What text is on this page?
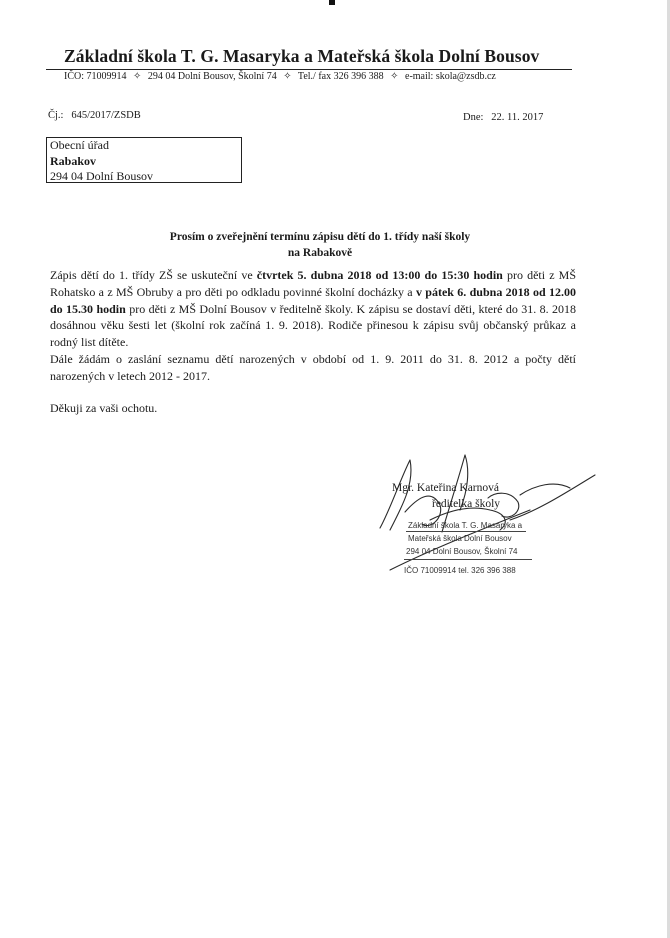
Základní škola T. G. Masaryka a Mateřská škola Dolní Bousov
IČO: 71009914 ✧ 294 04 Dolní Bousov, Školní 74 ✧ Tel./ fax 326 396 388 ✧ e-mail: skola@zsdb.cz
Čj.: 645/2017/ZSDB	Dne: 22. 11. 2017
Obecní úřad
Rabakov
294 04 Dolní Bousov
Prosím o zveřejnění termínu zápisu dětí do 1. třídy naší školy
na Rabakově

Zápis dětí do 1. třídy ZŠ se uskuteční ve čtvrtek 5. dubna 2018 od 13:00 do 15:30 hodin pro děti z MŠ Rohatsko a z MŠ Obruby a pro děti po odkladu povinné školní docházky a v pátek 6. dubna 2018 od 12.00 do 15.30 hodin pro děti z MŠ Dolní Bousov v ředitelně školy. K zápisu se dostaví děti, které do 31. 8. 2018 dosáhnou věku šesti let (školní rok začíná 1. 9. 2018). Rodiče přinesou k zápisu svůj občanský průkaz a rodný list dítěte.

Dále žádám o zaslání seznamu dětí narozených v období od 1. 9. 2011 do 31. 8. 2012 a počty dětí narozených v letech 2012 - 2017.

Děkuji za vaši ochotu.
Mgr. Kateřina Karnová
ředitelka školy
Základní škola T. G. Masaryka a
Mateřská škola Dolní Bousov
294 04 Dolní Bousov, Školní 74
IČO 71009914 tel. 326 396 388
